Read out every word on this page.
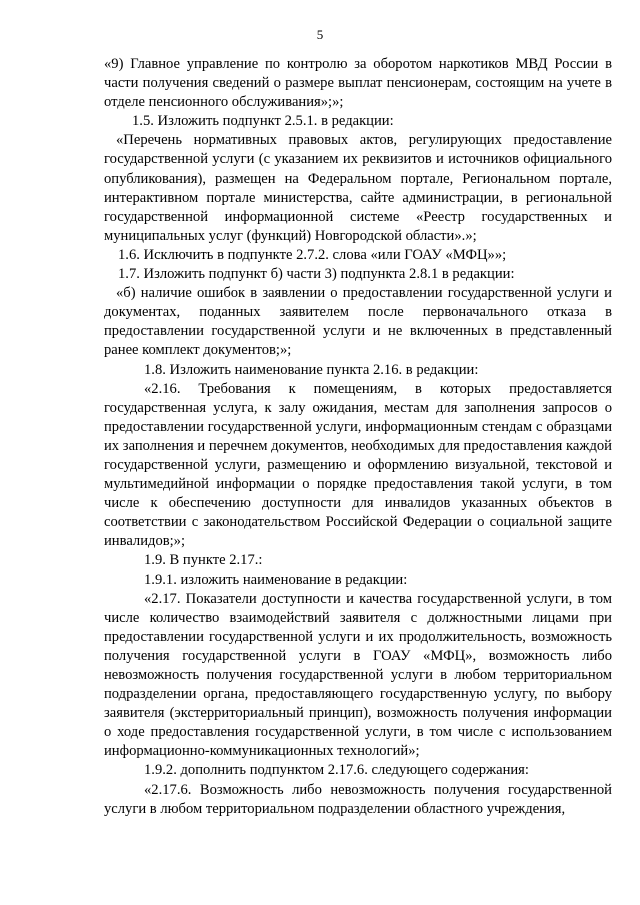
5

«9) Главное управление по контролю за оборотом наркотиков МВД России в части получения сведений о размере выплат пенсионерам, состоящим на учете в отделе пенсионного обслуживания»;»;

1.5. Изложить подпункт 2.5.1. в редакции:

«Перечень нормативных правовых актов, регулирующих предоставление государственной услуги (с указанием их реквизитов и источников официального опубликования), размещен на Федеральном портале, Региональном портале, интерактивном портале министерства, сайте администрации, в региональной государственной информационной системе «Реестр государственных и муниципальных услуг (функций) Новгородской области».»;

1.6. Исключить в подпункте 2.7.2. слова «или ГОАУ «МФЦ»»;

1.7. Изложить подпункт б) части 3) подпункта 2.8.1 в редакции:

«б) наличие ошибок в заявлении о предоставлении государственной услуги и документах, поданных заявителем после первоначального отказа в предоставлении государственной услуги и не включенных в представленный ранее комплект документов;»;

1.8. Изложить наименование пункта 2.16. в редакции:

«2.16. Требования к помещениям, в которых предоставляется государственная услуга, к залу ожидания, местам для заполнения запросов о предоставлении государственной услуги, информационным стендам с образцами их заполнения и перечнем документов, необходимых для предоставления каждой государственной услуги, размещению и оформлению визуальной, текстовой и мультимедийной информации о порядке предоставления такой услуги, в том числе к обеспечению доступности для инвалидов указанных объектов в соответствии с законодательством Российской Федерации о социальной защите инвалидов;»;

1.9. В пункте 2.17.:

1.9.1. изложить наименование в редакции:

«2.17. Показатели доступности и качества государственной услуги, в том числе количество взаимодействий заявителя с должностными лицами при предоставлении государственной услуги и их продолжительность, возможность получения государственной услуги в ГОАУ «МФЦ», возможность либо невозможность получения государственной услуги в любом территориальном подразделении органа, предоставляющего государственную услугу, по выбору заявителя (экстерриториальный принцип), возможность получения информации о ходе предоставления государственной услуги, в том числе с использованием информационно-коммуникационных технологий»;

1.9.2. дополнить подпунктом 2.17.6. следующего содержания:

«2.17.6. Возможность либо невозможность получения государственной услуги в любом территориальном подразделении областного учреждения,
